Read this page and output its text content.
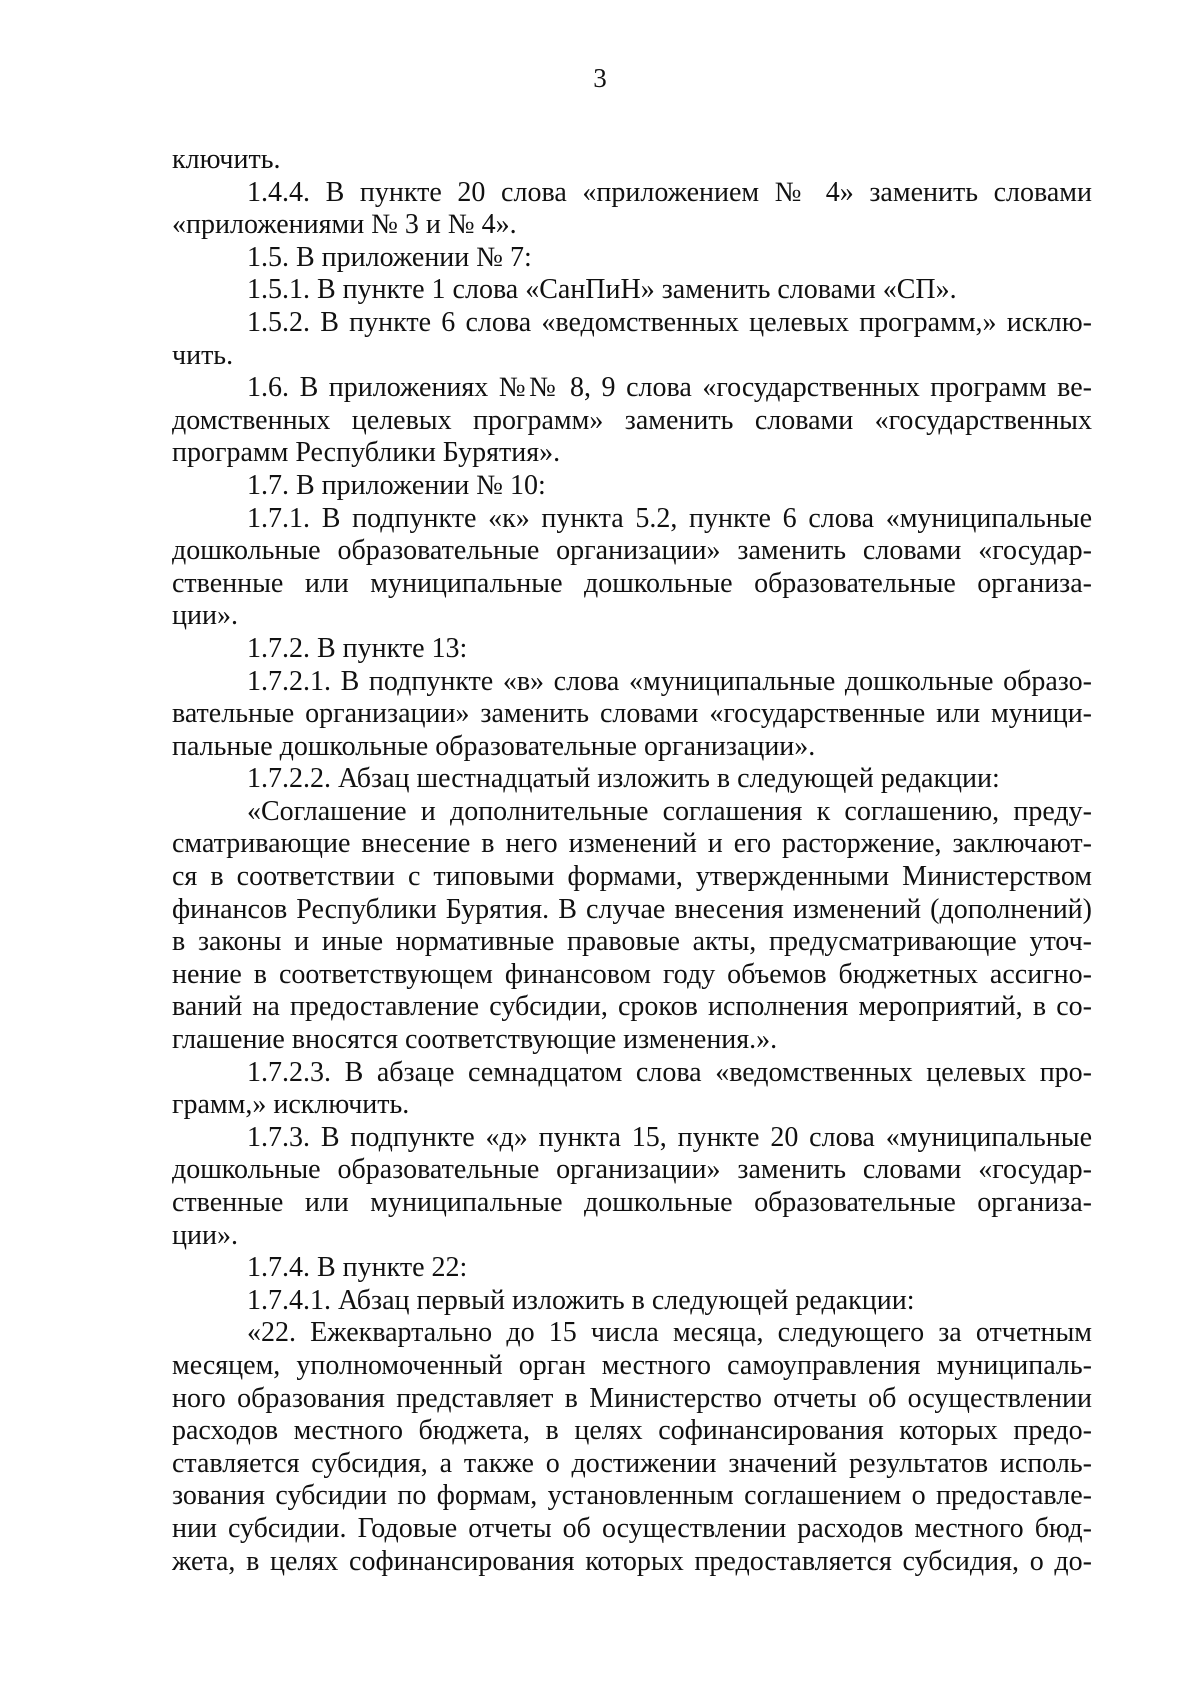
3
ключить.
1.4.4. В пункте 20 слова «приложением № 4» заменить словами
«приложениями № 3 и № 4».
1.5. В приложении № 7:
1.5.1. В пункте 1 слова «СанПиН» заменить словами «СП».
1.5.2. В пункте 6 слова «ведомственных целевых программ,» исклю-
чить.
1.6. В приложениях №№ 8, 9 слова «государственных программ ве-
домственных целевых программ» заменить словами «государственных
программ Республики Бурятия».
1.7. В приложении № 10:
1.7.1. В подпункте «к» пункта 5.2, пункте 6 слова «муниципальные
дошкольные образовательные организации» заменить словами «государ-
ственные или муниципальные дошкольные образовательные организа-
ции».
1.7.2. В пункте 13:
1.7.2.1. В подпункте «в» слова «муниципальные дошкольные образо-
вательные организации» заменить словами «государственные или муници-
пальные дошкольные образовательные организации».
1.7.2.2. Абзац шестнадцатый изложить в следующей редакции:
«Соглашение и дополнительные соглашения к соглашению, преду-
сматривающие внесение в него изменений и его расторжение, заключают-
ся в соответствии с типовыми формами, утвержденными Министерством
финансов Республики Бурятия. В случае внесения изменений (дополнений)
в законы и иные нормативные правовые акты, предусматривающие уточ-
нение в соответствующем финансовом году объемов бюджетных ассигно-
ваний на предоставление субсидии, сроков исполнения мероприятий, в со-
глашение вносятся соответствующие изменения.».
1.7.2.3. В абзаце семнадцатом слова «ведомственных целевых про-
грамм,» исключить.
1.7.3. В подпункте «д» пункта 15, пункте 20 слова «муниципальные
дошкольные образовательные организации» заменить словами «государ-
ственные или муниципальные дошкольные образовательные организа-
ции».
1.7.4. В пункте 22:
1.7.4.1. Абзац первый изложить в следующей редакции:
«22. Ежеквартально до 15 числа месяца, следующего за отчетным
месяцем, уполномоченный орган местного самоуправления муниципаль-
ного образования представляет в Министерство отчеты об осуществлении
расходов местного бюджета, в целях софинансирования которых предо-
ставляется субсидия, а также о достижении значений результатов исполь-
зования субсидии по формам, установленным соглашением о предоставле-
нии субсидии. Годовые отчеты об осуществлении расходов местного бюд-
жета, в целях софинансирования которых предоставляется субсидия, о до-
